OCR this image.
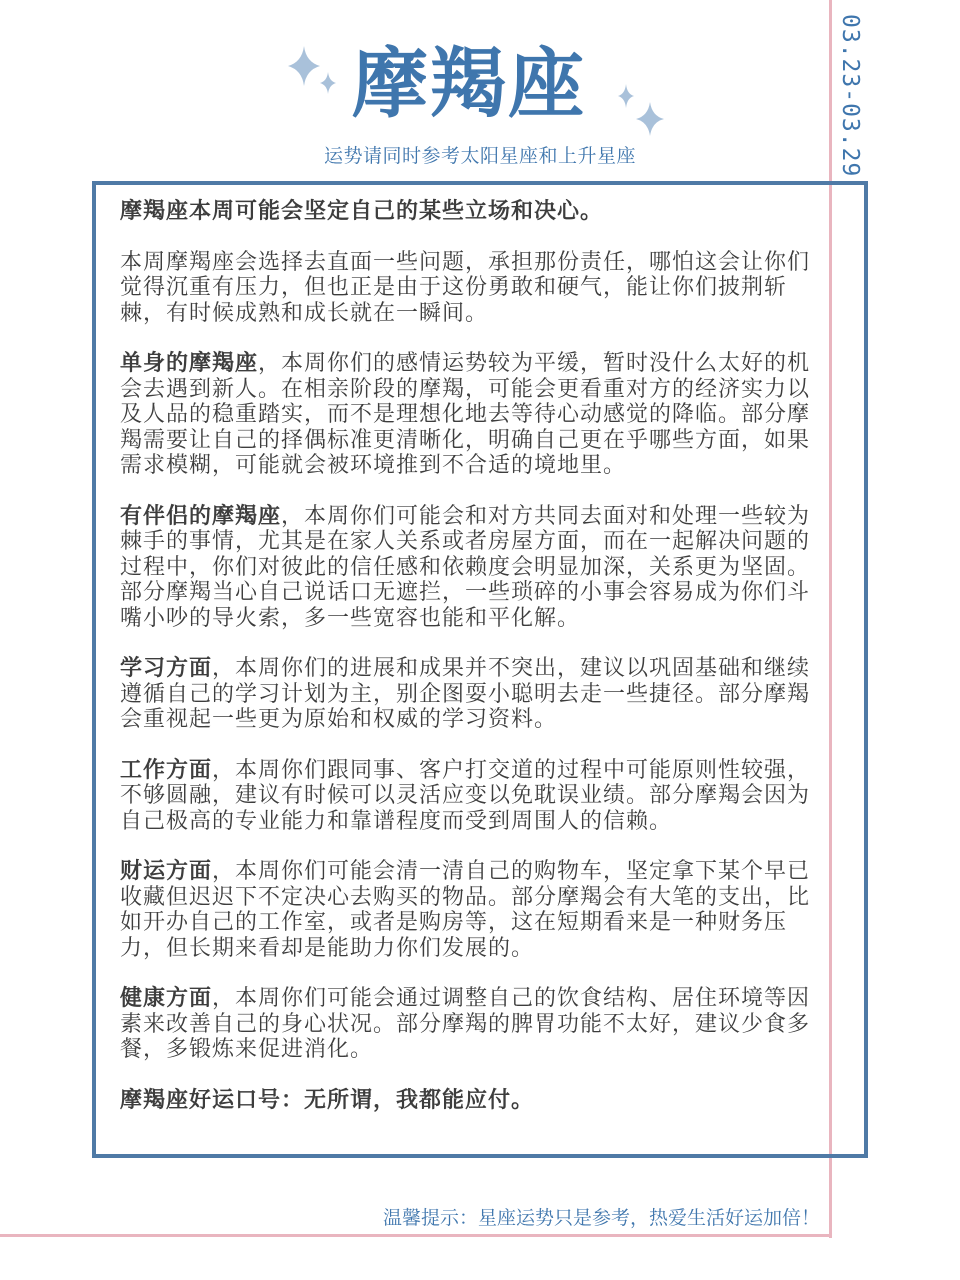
摩羯座
运势请同时参考太阳星座和上升星座	03.23-03.29

摩羯座本周可能会坚定自己的某些立场和决心。

本周摩羯座会选择去直面一些问题，承担那份责任，哪怕这会让你们觉得沉重有压力，但也正是由于这份勇敢和硬气，能让你们披荆斩棘，有时候成熟和成长就在一瞬间。

单身的摩羯座，本周你们的感情运势较为平缓，暂时没什么太好的机会去遇到新人。在相亲阶段的摩羯，可能会更看重对方的经济实力以及人品的稳重踏实，而不是理想化地去等待心动感觉的降临。部分摩羯需要让自己的择偶标准更清晰化，明确自己更在乎哪些方面，如果需求模糊，可能就会被环境推到不合适的境地里。

有伴侣的摩羯座，本周你们可能会和对方共同去面对和处理一些较为棘手的事情，尤其是在家人关系或者房屋方面，而在一起解决问题的过程中，你们对彼此的信任感和依赖度会明显加深，关系更为坚固。部分摩羯当心自己说话口无遮拦，一些琐碎的小事会容易成为你们斗嘴小吵的导火索，多一些宽容也能和平化解。

学习方面，本周你们的进展和成果并不突出，建议以巩固基础和继续遵循自己的学习计划为主，别企图耍小聪明去走一些捷径。部分摩羯会重视起一些更为原始和权威的学习资料。

工作方面，本周你们跟同事、客户打交道的过程中可能原则性较强，不够圆融，建议有时候可以灵活应变以免耽误业绩。部分摩羯会因为自己极高的专业能力和靠谱程度而受到周围人的信赖。

财运方面，本周你们可能会清一清自己的购物车，坚定拿下某个早已收藏但迟迟下不定决心去购买的物品。部分摩羯会有大笔的支出，比如开办自己的工作室，或者是购房等，这在短期看来是一种财务压力，但长期来看却是能助力你们发展的。

健康方面，本周你们可能会通过调整自己的饮食结构、居住环境等因素来改善自己的身心状况。部分摩羯的脾胃功能不太好，建议少食多餐，多锻炼来促进消化。

摩羯座好运口号：无所谓，我都能应付。

温馨提示：星座运势只是参考，热爱生活好运加倍！
